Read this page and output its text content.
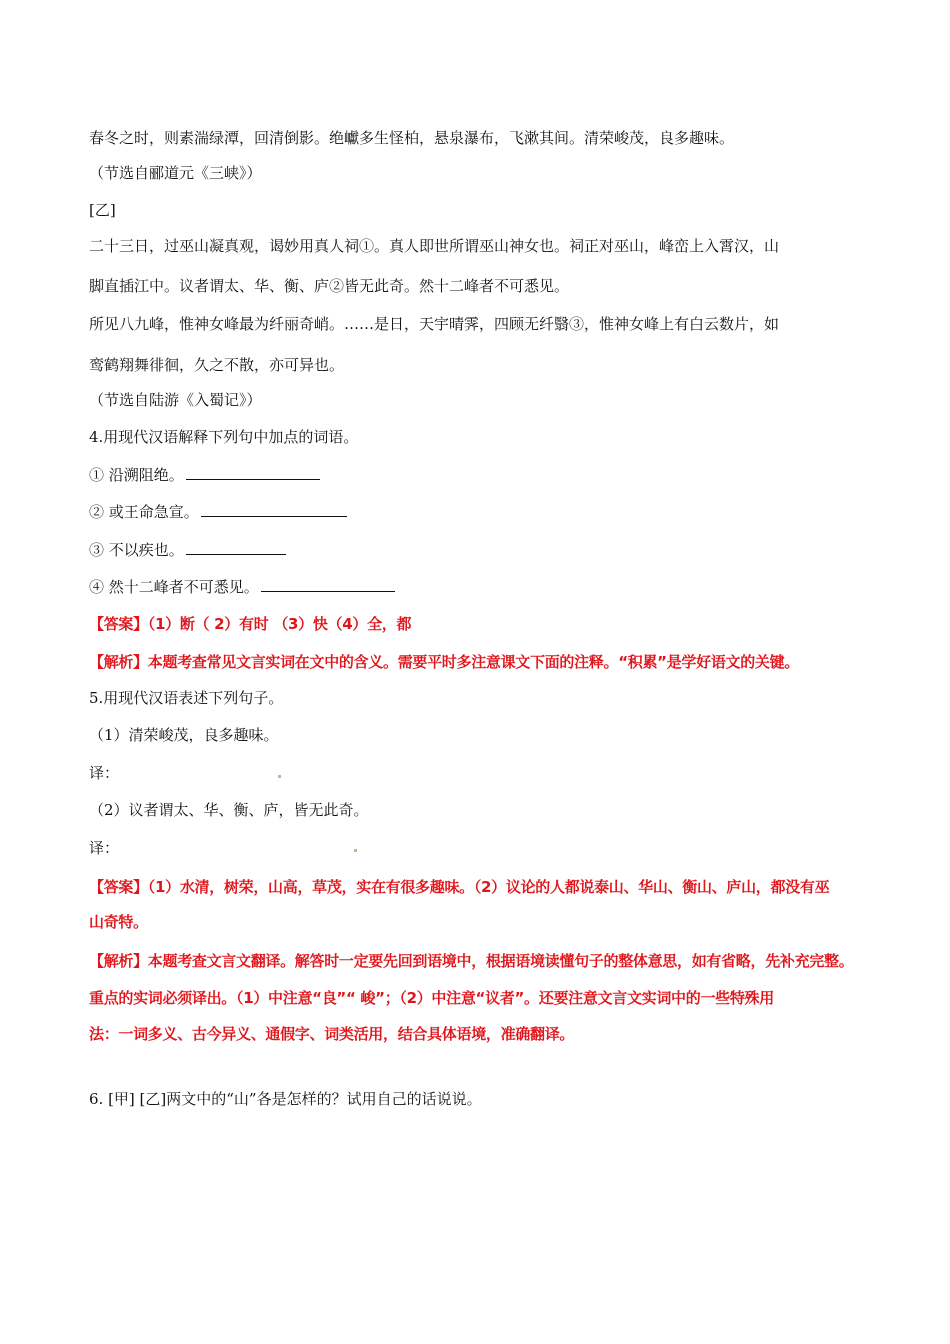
春冬之时，则素湍绿潭，回清倒影。绝巘多生怪柏，悬泉瀑布，飞漱其间。清荣峻茂，良多趣味。
（节选自郦道元《三峡》）
[乙]
二十三日，过巫山凝真观，谒妙用真人祠①。真人即世所谓巫山神女也。祠正对巫山，峰峦上入霄汉，山
脚直插江中。议者谓太、华、衡、庐②皆无此奇。然十二峰者不可悉见。
所见八九峰，惟神女峰最为纤丽奇峭。……是日，天宇晴霁，四顾无纤翳③，惟神女峰上有白云数片，如
鸾鹤翔舞徘徊，久之不散，亦可异也。
（节选自陆游《入蜀记》）
4.用现代汉语解释下列句中加点的词语。
① 沿溯阻绝。
② 或王命急宣。
③ 不以疾也。
④ 然十二峰者不可悉见。
【答案】（1）断（ 2）有时 （3）快（4）全，都
【解析】本题考查常见文言实词在文中的含义。需要平时多注意课文下面的注释。“积累”是学好语文的关键。
5.用现代汉语表述下列句子。
（1）清荣峻茂，良多趣味。
译：
（2）议者谓太、华、衡、庐，皆无此奇。
译：
【答案】（1）水清，树荣，山高，草茂，实在有很多趣味。（2）议论的人都说泰山、华山、衡山、庐山，都没有巫
山奇特。
【解析】本题考查文言文翻译。解答时一定要先回到语境中，根据语境读懂句子的整体意思，如有省略，先补充完整。
重点的实词必须译出。（1）中注意“良”“ 峻”；（2）中注意“议者”。还要注意文言文实词中的一些特殊用
法：一词多义、古今异义、通假字、词类活用，结合具体语境，准确翻译。
6. [甲] [乙]两文中的“山”各是怎样的？试用自己的话说说。
